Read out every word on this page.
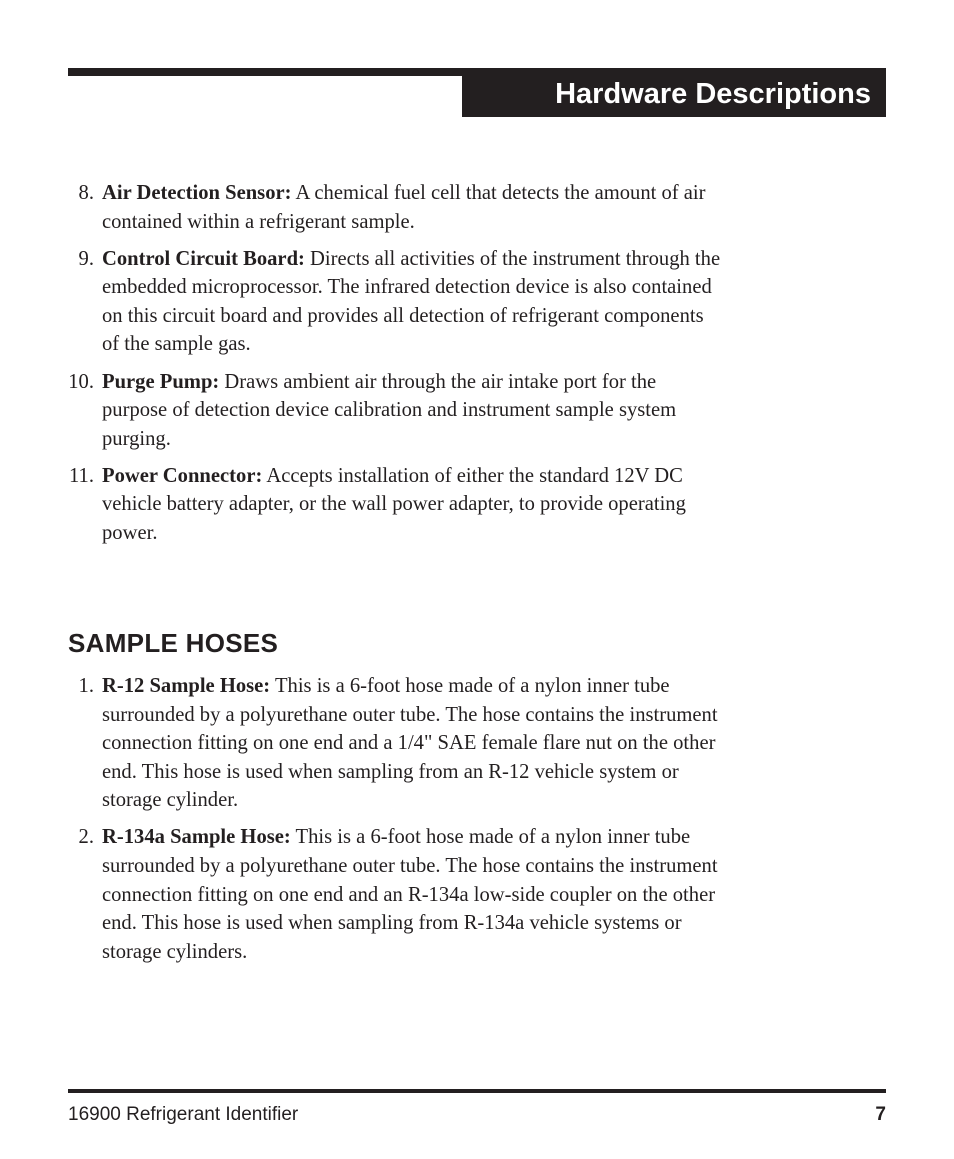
Hardware Descriptions
8. Air Detection Sensor: A chemical fuel cell that detects the amount of air contained within a refrigerant sample.
9. Control Circuit Board: Directs all activities of the instrument through the embedded microprocessor. The infrared detection device is also contained on this circuit board and provides all detection of refrigerant components of the sample gas.
10. Purge Pump: Draws ambient air through the air intake port for the purpose of detection device calibration and instrument sample system purging.
11. Power Connector: Accepts installation of either the standard 12V DC vehicle battery adapter, or the wall power adapter, to provide operating power.
SAMPLE HOSES
1. R-12 Sample Hose: This is a 6-foot hose made of a nylon inner tube surrounded by a polyurethane outer tube. The hose contains the instrument connection fitting on one end and a 1/4" SAE female flare nut on the other end. This hose is used when sampling from an R-12 vehicle system or storage cylinder.
2. R-134a Sample Hose: This is a 6-foot hose made of a nylon inner tube surrounded by a polyurethane outer tube. The hose contains the instrument connection fitting on one end and an R-134a low-side coupler on the other end. This hose is used when sampling from R-134a vehicle systems or storage cylinders.
16900 Refrigerant Identifier	7
